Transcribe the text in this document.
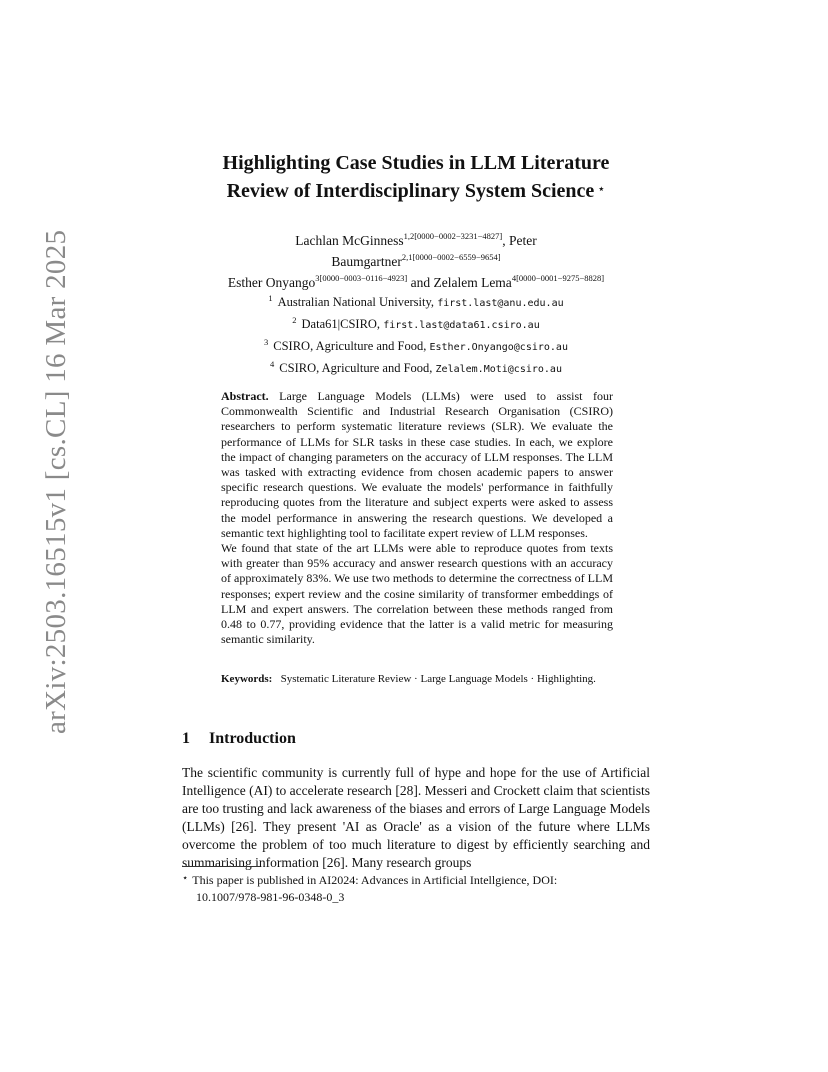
arXiv:2503.16515v1 [cs.CL] 16 Mar 2025
Highlighting Case Studies in LLM Literature
Review of Interdisciplinary System Science ⋆
Lachlan McGinness$^{1,2[0000-0002-3231-4827]}$, Peter
Baumgartner$^{2,1[0000-0002-6559-9654]}$
Esther Onyango$^{3[0000-0003-0116-4923]}$ and Zelalem Lema$^{4[0000-0001-9275-8828]}$
$^1$ Australian National University, first.last@anu.edu.au
$^2$ Data61|CSIRO, first.last@data61.csiro.au
$^3$ CSIRO, Agriculture and Food, Esther.Onyango@csiro.au
$^4$ CSIRO, Agriculture and Food, Zelalem.Moti@csiro.au

Abstract. Large Language Models (LLMs) were used to assist four Commonwealth Scientific and Industrial Research Organisation (CSIRO) researchers to perform systematic literature reviews (SLR). We evaluate the performance of LLMs for SLR tasks in these case studies. In each, we explore the impact of changing parameters on the accuracy of LLM responses. The LLM was tasked with extracting evidence from chosen academic papers to answer specific research questions. We evaluate the models' performance in faithfully reproducing quotes from the literature and subject experts were asked to assess the model performance in answering the research questions. We developed a semantic text highlighting tool to facilitate expert review of LLM responses.

We found that state of the art LLMs were able to reproduce quotes from texts with greater than 95% accuracy and answer research questions with an accuracy of approximately 83%. We use two methods to determine the correctness of LLM responses; expert review and the cosine similarity of transformer embeddings of LLM and expert answers. The correlation between these methods ranged from 0.48 to 0.77, providing evidence that the latter is a valid metric for measuring semantic similarity.

Keywords: Systematic Literature Review · Large Language Models · Highlighting.
1 Introduction

The scientific community is currently full of hype and hope for the use of Artificial Intelligence (AI) to accelerate research [28]. Messeri and Crockett claim that scientists are too trusting and lack awareness of the biases and errors of Large Language Models (LLMs) [26]. They present 'AI as Oracle' as a vision of the future where LLMs overcome the problem of too much literature to digest by efficiently searching and summarising information [26]. Many research groups

⋆ This paper is published in AI2024: Advances in Artificial Intellgience, DOI:
10.1007/978-981-96-0348-0_3
